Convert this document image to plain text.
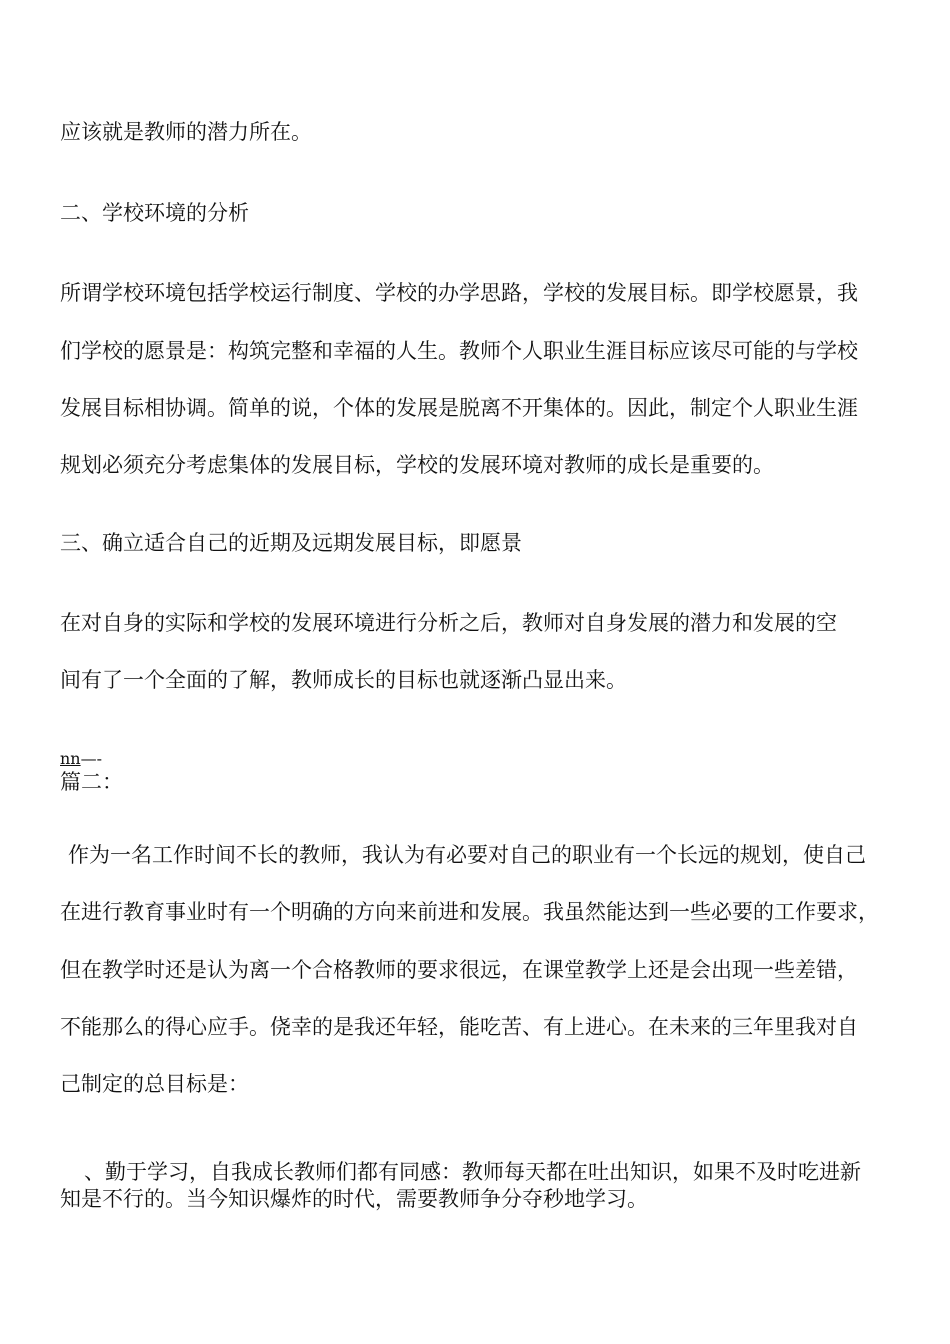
应该就是教师的潜力所在。
二、学校环境的分析
所谓学校环境包括学校运行制度、学校的办学思路，学校的发展目标。即学校愿景，我
们学校的愿景是：构筑完整和幸福的人生。教师个人职业生涯目标应该尽可能的与学校
发展目标相协调。简单的说，个体的发展是脱离不开集体的。因此，制定个人职业生涯
规划必须充分考虑集体的发展目标，学校的发展环境对教师的成长是重要的。
三、确立适合自己的近期及远期发展目标，即愿景
在对自身的实际和学校的发展环境进行分析之后，教师对自身发展的潜力和发展的空
间有了一个全面的了解，教师成长的目标也就逐渐凸显出来。
nn—-
篇二：
作为一名工作时间不长的教师，我认为有必要对自己的职业有一个长远的规划，使自己
在进行教育事业时有一个明确的方向来前进和发展。我虽然能达到一些必要的工作要求，
但在教学时还是认为离一个合格教师的要求很远，在课堂教学上还是会出现一些差错，
不能那么的得心应手。侥幸的是我还年轻，能吃苦、有上进心。在未来的三年里我对自
己制定的总目标是：
、勤于学习，自我成长教师们都有同感：教师每天都在吐出知识，如果不及时吃进新
知是不行的。当今知识爆炸的时代，需要教师争分夺秒地学习。
